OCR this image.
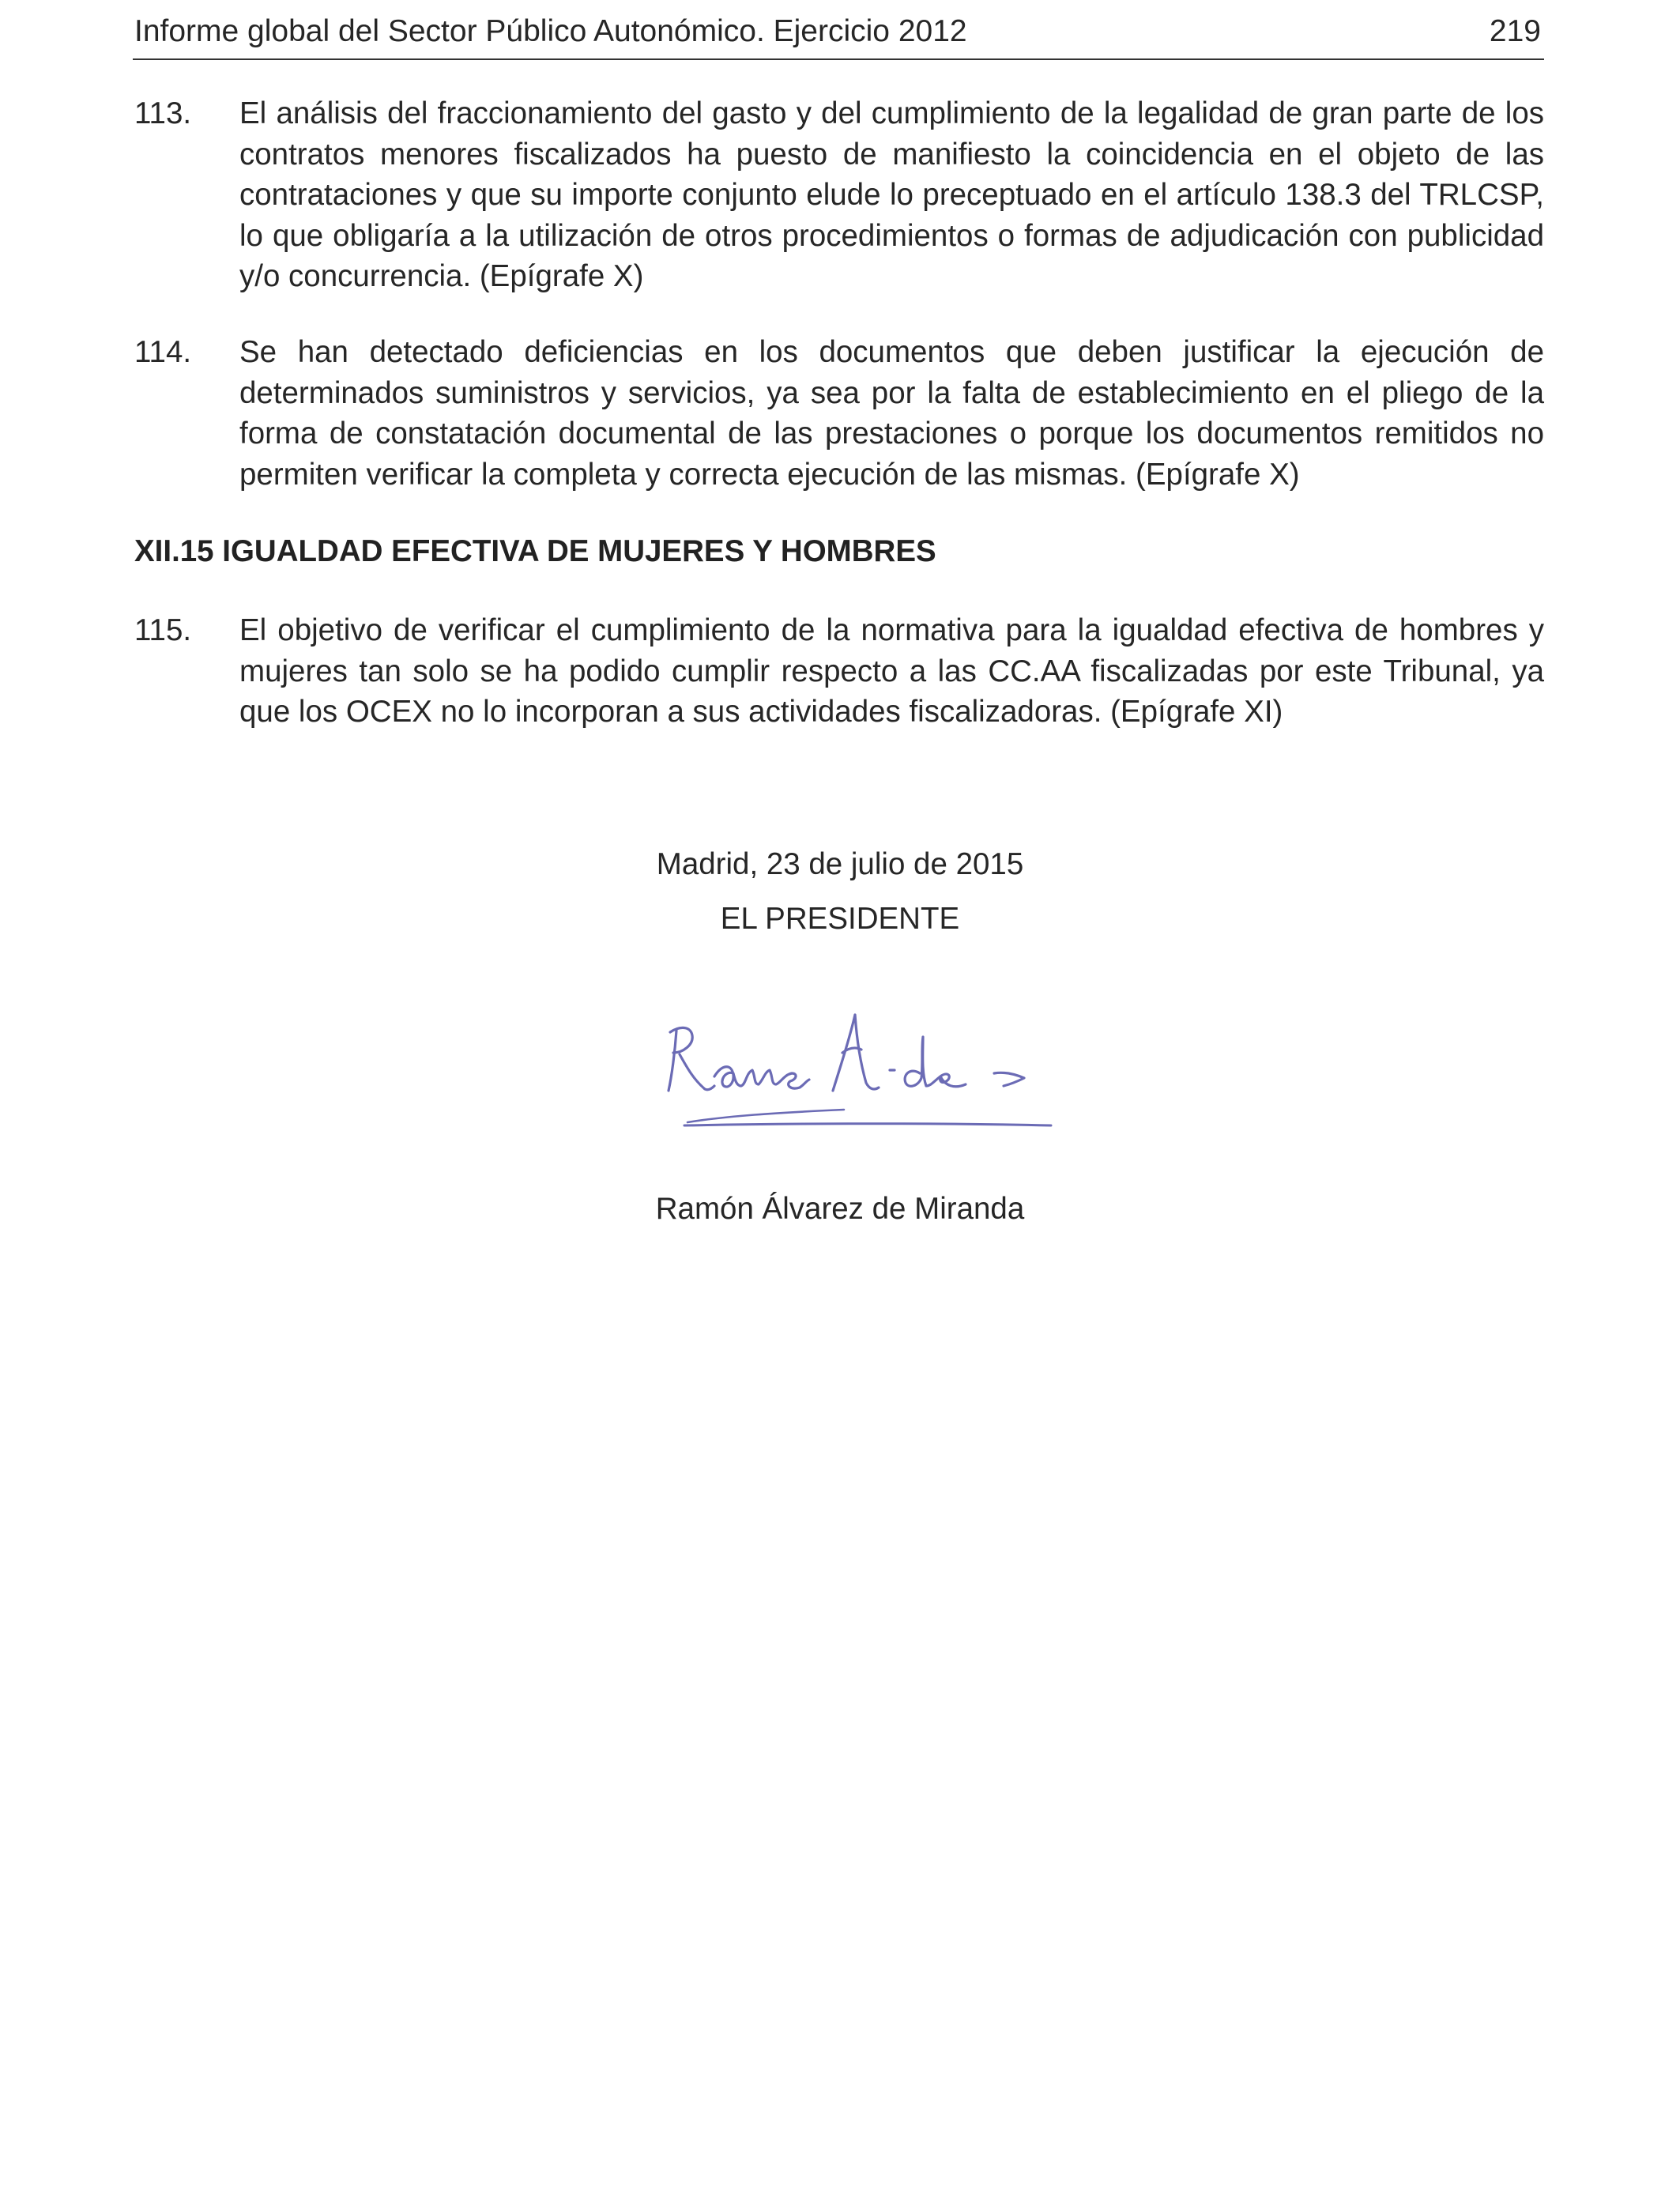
Informe global del Sector Público Autonómico. Ejercicio 2012	219
113. El análisis del fraccionamiento del gasto y del cumplimiento de la legalidad de gran parte de los contratos menores fiscalizados ha puesto de manifiesto la coincidencia en el objeto de las contrataciones y que su importe conjunto elude lo preceptuado en el artículo 138.3 del TRLCSP, lo que obligaría a la utilización de otros procedimientos o formas de adjudicación con publicidad y/o concurrencia. (Epígrafe X)
114. Se han detectado deficiencias en los documentos que deben justificar la ejecución de determinados suministros y servicios, ya sea por la falta de establecimiento en el pliego de la forma de constatación documental de las prestaciones o porque los documentos remitidos no permiten verificar la completa y correcta ejecución de las mismas. (Epígrafe X)
XII.15 IGUALDAD EFECTIVA DE MUJERES Y HOMBRES
115. El objetivo de verificar el cumplimiento de la normativa para la igualdad efectiva de hombres y mujeres tan solo se ha podido cumplir respecto a las CC.AA fiscalizadas por este Tribunal, ya que los OCEX no lo incorporan a sus actividades fiscalizadoras. (Epígrafe XI)
Madrid, 23 de julio de 2015
EL PRESIDENTE
Ramón Álvarez de Miranda
